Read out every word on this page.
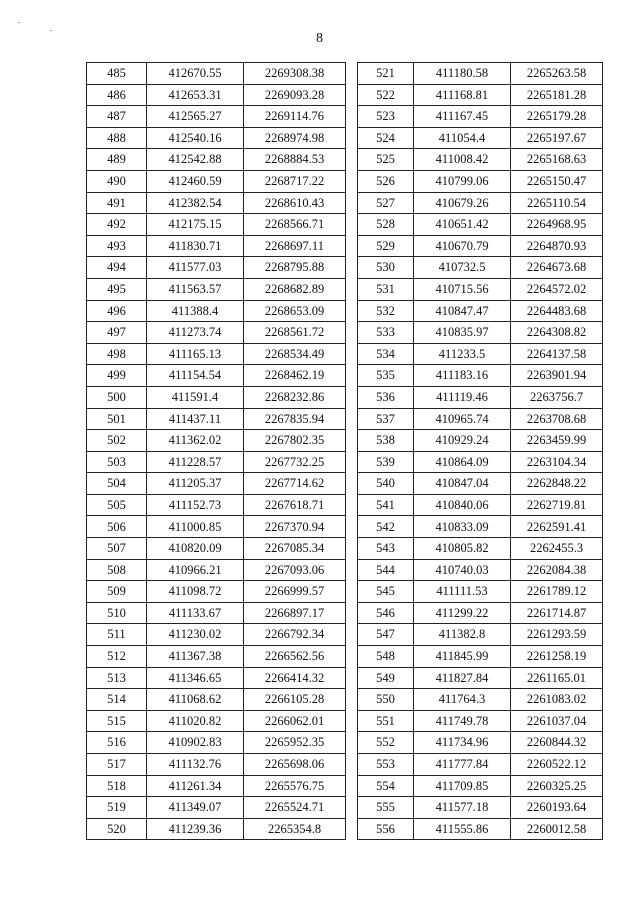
8
485	412670.55	2269308.38
486	412653.31	2269093.28
487	412565.27	2269114.76
488	412540.16	2268974.98
489	412542.88	2268884.53
490	412460.59	2268717.22
491	412382.54	2268610.43
492	412175.15	2268566.71
493	411830.71	2268697.11
494	411577.03	2268795.88
495	411563.57	2268682.89
496	411388.4	2268653.09
497	411273.74	2268561.72
498	411165.13	2268534.49
499	411154.54	2268462.19
500	411591.4	2268232.86
501	411437.11	2267835.94
502	411362.02	2267802.35
503	411228.57	2267732.25
504	411205.37	2267714.62
505	411152.73	2267618.71
506	411000.85	2267370.94
507	410820.09	2267085.34
508	410966.21	2267093.06
509	411098.72	2266999.57
510	411133.67	2266897.17
511	411230.02	2266792.34
512	411367.38	2266562.56
513	411346.65	2266414.32
514	411068.62	2266105.28
515	411020.82	2266062.01
516	410902.83	2265952.35
517	411132.76	2265698.06
518	411261.34	2265576.75
519	411349.07	2265524.71
520	411239.36	2265354.8
521	411180.58	2265263.58
522	411168.81	2265181.28
523	411167.45	2265179.28
524	411054.4	2265197.67
525	411008.42	2265168.63
526	410799.06	2265150.47
527	410679.26	2265110.54
528	410651.42	2264968.95
529	410670.79	2264870.93
530	410732.5	2264673.68
531	410715.56	2264572.02
532	410847.47	2264483.68
533	410835.97	2264308.82
534	411233.5	2264137.58
535	411183.16	2263901.94
536	411119.46	2263756.7
537	410965.74	2263708.68
538	410929.24	2263459.99
539	410864.09	2263104.34
540	410847.04	2262848.22
541	410840.06	2262719.81
542	410833.09	2262591.41
543	410805.82	2262455.3
544	410740.03	2262084.38
545	411111.53	2261789.12
546	411299.22	2261714.87
547	411382.8	2261293.59
548	411845.99	2261258.19
549	411827.84	2261165.01
550	411764.3	2261083.02
551	411749.78	2261037.04
552	411734.96	2260844.32
553	411777.84	2260522.12
554	411709.85	2260325.25
555	411577.18	2260193.64
556	411555.86	2260012.58
